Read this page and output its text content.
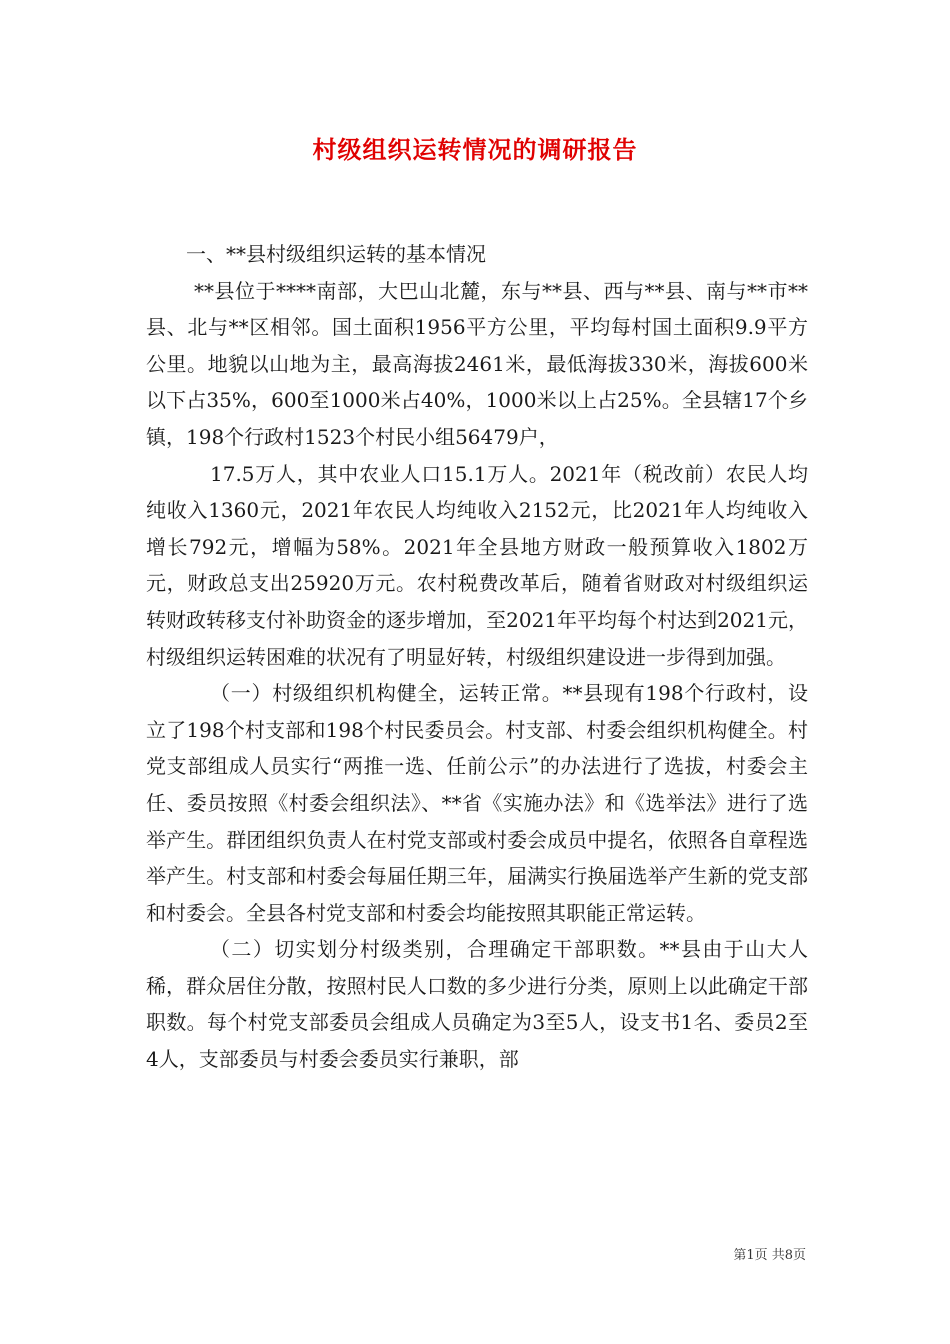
村级组织运转情况的调研报告

一、**县村级组织运转的基本情况

**县位于****南部，大巴山北麓，东与**县、西与**县、南与**市**县、北与**区相邻。国土面积1956平方公里，平均每村国土面积9.9平方公里。地貌以山地为主，最高海拔2461米，最低海拔330米，海拔600米以下占35%，600至1000米占40%，1000米以上占25%。全县辖17个乡镇，198个行政村1523个村民小组56479户，

17.5万人，其中农业人口15.1万人。2021年（税改前）农民人均纯收入1360元，2021年农民人均纯收入2152元，比2021年人均纯收入增长792元，增幅为58%。2021年全县地方财政一般预算收入1802万元，财政总支出25920万元。农村税费改革后，随着省财政对村级组织运转财政转移支付补助资金的逐步增加，至2021年平均每个村达到2021元，村级组织运转困难的状况有了明显好转，村级组织建设进一步得到加强。

（一）村级组织机构健全，运转正常。**县现有198个行政村，设立了198个村支部和198个村民委员会。村支部、村委会组织机构健全。村党支部组成人员实行“两推一选、任前公示”的办法进行了选拔，村委会主任、委员按照《村委会组织法》、**省《实施办法》和《选举法》进行了选举产生。群团组织负责人在村党支部或村委会成员中提名，依照各自章程选举产生。村支部和村委会每届任期三年，届满实行换届选举产生新的党支部和村委会。全县各村党支部和村委会均能按照其职能正常运转。

（二）切实划分村级类别，合理确定干部职数。**县由于山大人稀，群众居住分散，按照村民人口数的多少进行分类，原则上以此确定干部职数。每个村党支部委员会组成人员确定为3至5人，设支书1名、委员2至4人，支部委员与村委会委员实行兼职，部

第1页 共8页
